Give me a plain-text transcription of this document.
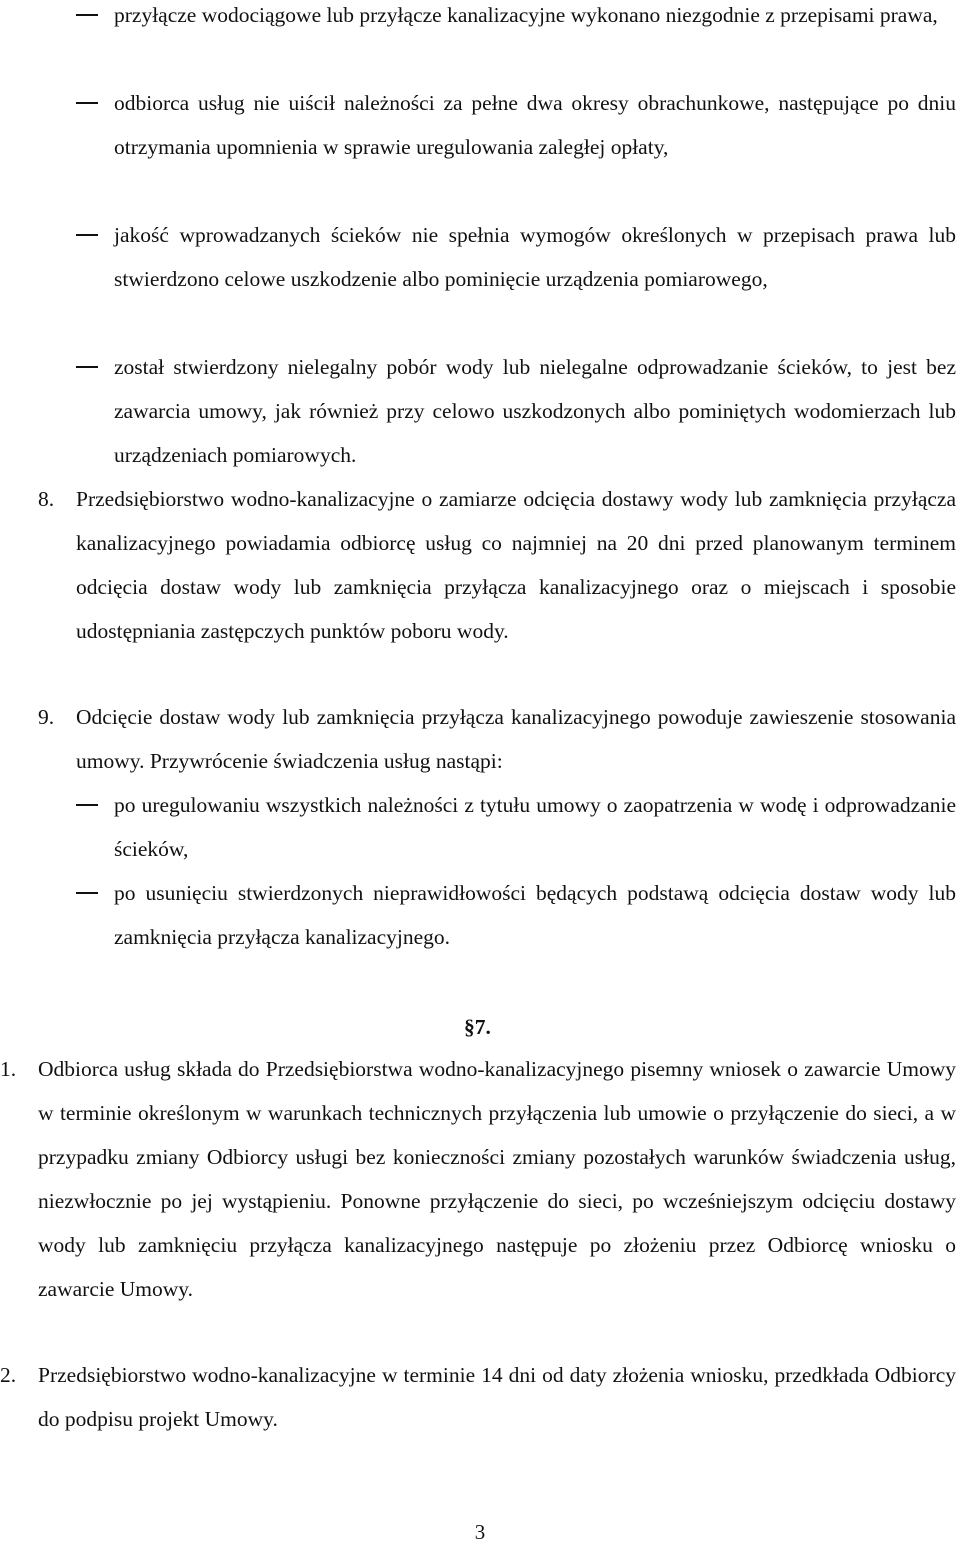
przyłącze wodociągowe lub przyłącze kanalizacyjne wykonano niezgodnie z przepisami prawa,
odbiorca usług nie uiścił należności za pełne dwa okresy obrachunkowe, następujące po dniu otrzymania upomnienia w sprawie uregulowania zaległej opłaty,
jakość wprowadzanych ścieków nie spełnia wymogów określonych w przepisach prawa lub stwierdzono celowe uszkodzenie albo pominięcie urządzenia pomiarowego,
został stwierdzony nielegalny pobór wody lub nielegalne odprowadzanie ścieków, to jest bez zawarcia umowy, jak również przy celowo uszkodzonych albo pominiętych wodomierzach lub urządzeniach pomiarowych.
8. Przedsiębiorstwo wodno-kanalizacyjne o zamiarze odcięcia dostawy wody lub zamknięcia przyłącza kanalizacyjnego powiadamia odbiorcę usług co najmniej na 20 dni przed planowanym terminem odcięcia dostaw wody lub zamknięcia przyłącza kanalizacyjnego oraz o miejscach i sposobie udostępniania zastępczych punktów poboru wody.
9. Odcięcie dostaw wody lub zamknięcia przyłącza kanalizacyjnego powoduje zawieszenie stosowania umowy. Przywrócenie świadczenia usług nastąpi:
po uregulowaniu wszystkich należności z tytułu umowy o zaopatrzenia w wodę i odprowadzanie ścieków,
po usunięciu stwierdzonych nieprawidłowości będących podstawą odcięcia dostaw wody lub zamknięcia przyłącza kanalizacyjnego.
§7.
1. Odbiorca usług składa do Przedsiębiorstwa wodno-kanalizacyjnego pisemny wniosek o zawarcie Umowy w terminie określonym w warunkach technicznych przyłączenia lub umowie o przyłączenie do sieci, a w przypadku zmiany Odbiorcy usługi bez konieczności zmiany pozostałych warunków świadczenia usług, niezwłocznie po jej wystąpieniu. Ponowne przyłączenie do sieci, po wcześniejszym odcięciu dostawy wody lub zamknięciu przyłącza kanalizacyjnego następuje po złożeniu przez Odbiorcę wniosku o zawarcie Umowy.
2. Przedsiębiorstwo wodno-kanalizacyjne w terminie 14 dni od daty złożenia wniosku, przedkłada Odbiorcy do podpisu projekt Umowy.
3
